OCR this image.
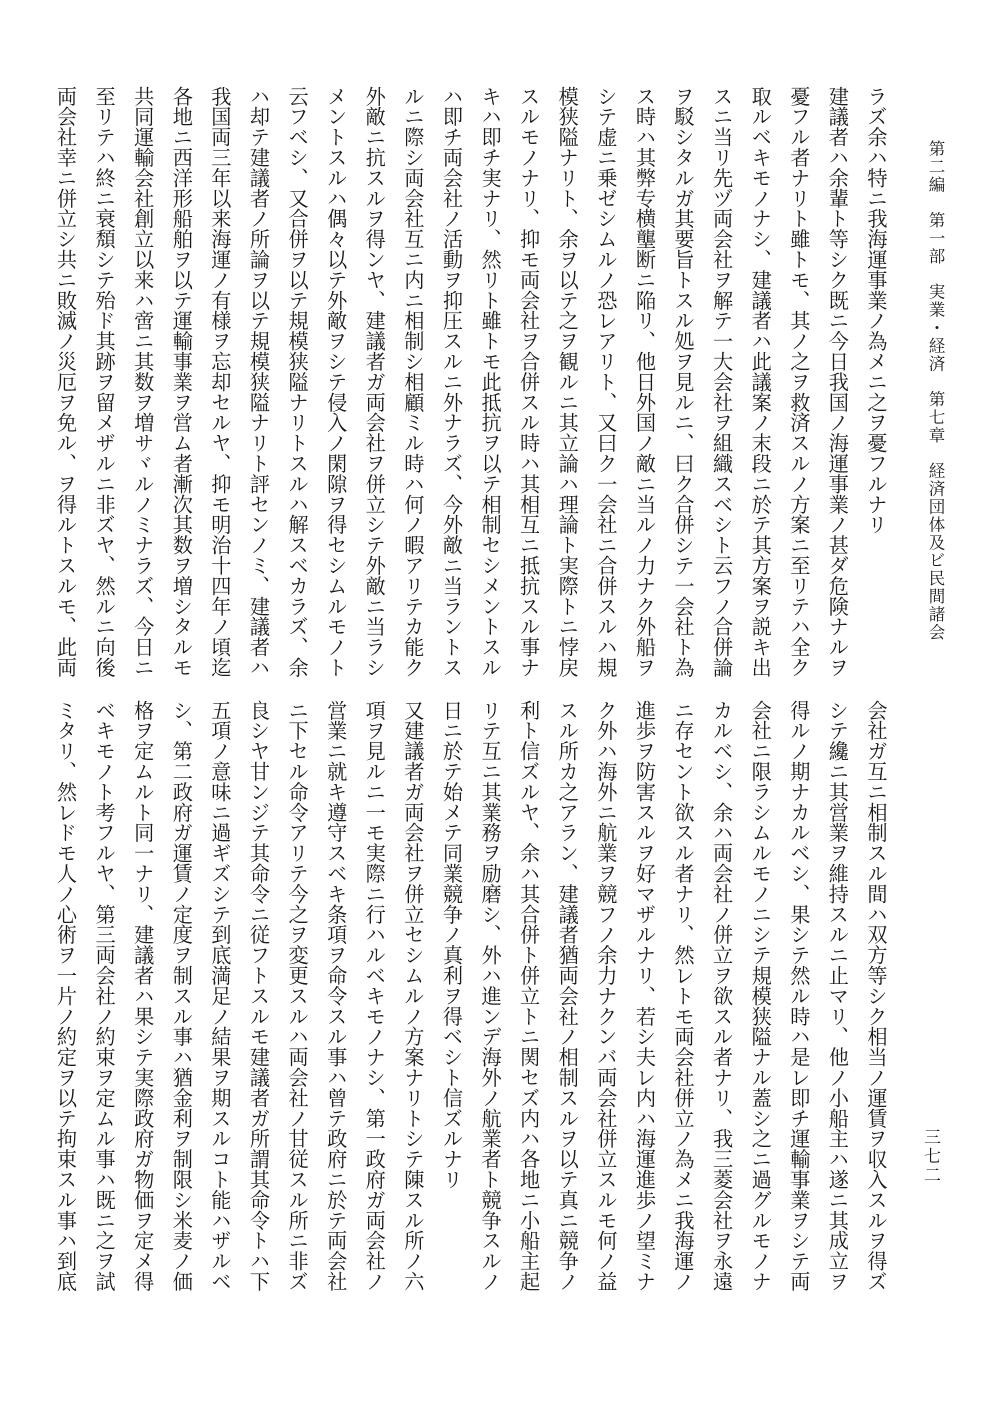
第二編　第一部　実業・経済　第七章　経済団体及ビ民間諸会
三七二
ラズ余ハ特ニ我海運事業ノ為メニ之ヲ憂フルナリ
建議者ハ余輩ト等シク既ニ今日我国ノ海運事業ノ甚ダ危険ナルヲ
憂フル者ナリト雖トモ、其ノ之ヲ救済スルノ方案ニ至リテハ全ク
取ルベキモノナシ、建議者ハ此議案ノ末段ニ於テ其方案ヲ説キ出
スニ当リ先ヅ両会社ヲ解テ一大会社ヲ組織スベシト云フノ合併論
ヲ駁シタルガ其要旨トスル処ヲ見ルニ、曰ク合併シテ一会社ト為
ス時ハ其弊专横壟断ニ陥リ、他日外国ノ敵ニ当ルノ力ナク外船ヲ
シテ虚ニ乗ゼシムルノ恐レアリト、又曰ク一会社ニ合併スルハ規
模狭隘ナリト、余ヲ以テ之ヲ観ルニ其立論ハ理論ト実際トニ悖戻
スルモノナリ、抑モ両会社ヲ合併スル時ハ其相互ニ抵抗スル事ナ
キハ即チ実ナリ、然リト雖トモ此抵抗ヲ以テ相制セシメントスル
ハ即チ両会社ノ活動ヲ抑圧スルニ外ナラズ、今外敵ニ当ラントス
ルニ際シ両会社互ニ内ニ相制シ相顧ミル時ハ何ノ暇アリテカ能ク
外敵ニ抗スルヲ得ンヤ、建議者ガ両会社ヲ併立シテ外敵ニ当ラシ
メントスルハ偶々以テ外敵ヲシテ侵入ノ閑隙ヲ得セシムルモノト
云フベシ、又合併ヲ以テ規模狭隘ナリトスルハ解スベカラズ、余
ハ却テ建議者ノ所論ヲ以テ規模狭隘ナリト評センノミ、建議者ハ
我国両三年以来海運ノ有様ヲ忘却セルヤ、抑モ明治十四年ノ頃迄
各地ニ西洋形船舶ヲ以テ運輸事業ヲ営ム者漸次其数ヲ増シタルモ
共同運輸会社創立以来ハ啻ニ其数ヲ増サヾルノミナラズ、今日ニ
至リテハ終ニ衰頽シテ殆ド其跡ヲ留メザルニ非ズヤ、然ルニ向後
両会社幸ニ併立シ共ニ敗滅ノ災厄ヲ免ル、ヲ得ルトスルモ、此両
会社ガ互ニ相制スル間ハ双方等シク相当ノ運賃ヲ収入スルヲ得ズ
シテ纔ニ其営業ヲ維持スルニ止マリ、他ノ小船主ハ遂ニ其成立ヲ
得ルノ期ナカルベシ、果シテ然ル時ハ是レ即チ運輸事業ヲシテ両
会社ニ限ラシムルモノニシテ規模狭隘ナル蓋シ之ニ過グルモノナ
カルベシ、余ハ両会社ノ併立ヲ欲スル者ナリ、我三菱会社ヲ永遠
ニ存セント欲スル者ナリ、然レトモ両会社併立ノ為メニ我海運ノ
進歩ヲ防害スルヲ好マザルナリ、若シ夫レ内ハ海運進歩ノ望ミナ
ク外ハ海外ニ航業ヲ競フノ余力ナクンバ両会社併立スルモ何ノ益
スル所カ之アラン、建議者猶両会社ノ相制スルヲ以テ真ニ競争ノ
利ト信ズルヤ、余ハ其合併ト併立トニ関セズ内ハ各地ニ小船主起
リテ互ニ其業務ヲ励磨シ、外ハ進ンデ海外ノ航業者ト競争スルノ
日ニ於テ始メテ同業競争ノ真利ヲ得ベシト信ズルナリ
又建議者ガ両会社ヲ併立セシムルノ方案ナリトシテ陳スル所ノ六
項ヲ見ルニ一モ実際ニ行ハルベキモノナシ、第一政府ガ両会社ノ
営業ニ就キ遵守スベキ条項ヲ命令スル事ハ曾テ政府ニ於テ両会社
ニ下セル命令アリテ今之ヲ変更スルハ両会社ノ甘従スル所ニ非ズ
良シヤ甘ンジテ其命令ニ従フトスルモ建議者ガ所謂其命令トハ下
五項ノ意味ニ過ギズシテ到底満足ノ結果ヲ期スルコト能ハザルベ
シ、第二政府ガ運賃ノ定度ヲ制スル事ハ猶金利ヲ制限シ米麦ノ価
格ヲ定ムルト同一ナリ、建議者ハ果シテ実際政府ガ物価ヲ定メ得
ベキモノト考フルヤ、第三両会社ノ約束ヲ定ムル事ハ既ニ之ヲ試
ミタリ、然レドモ人ノ心術ヲ一片ノ約定ヲ以テ拘束スル事ハ到底
